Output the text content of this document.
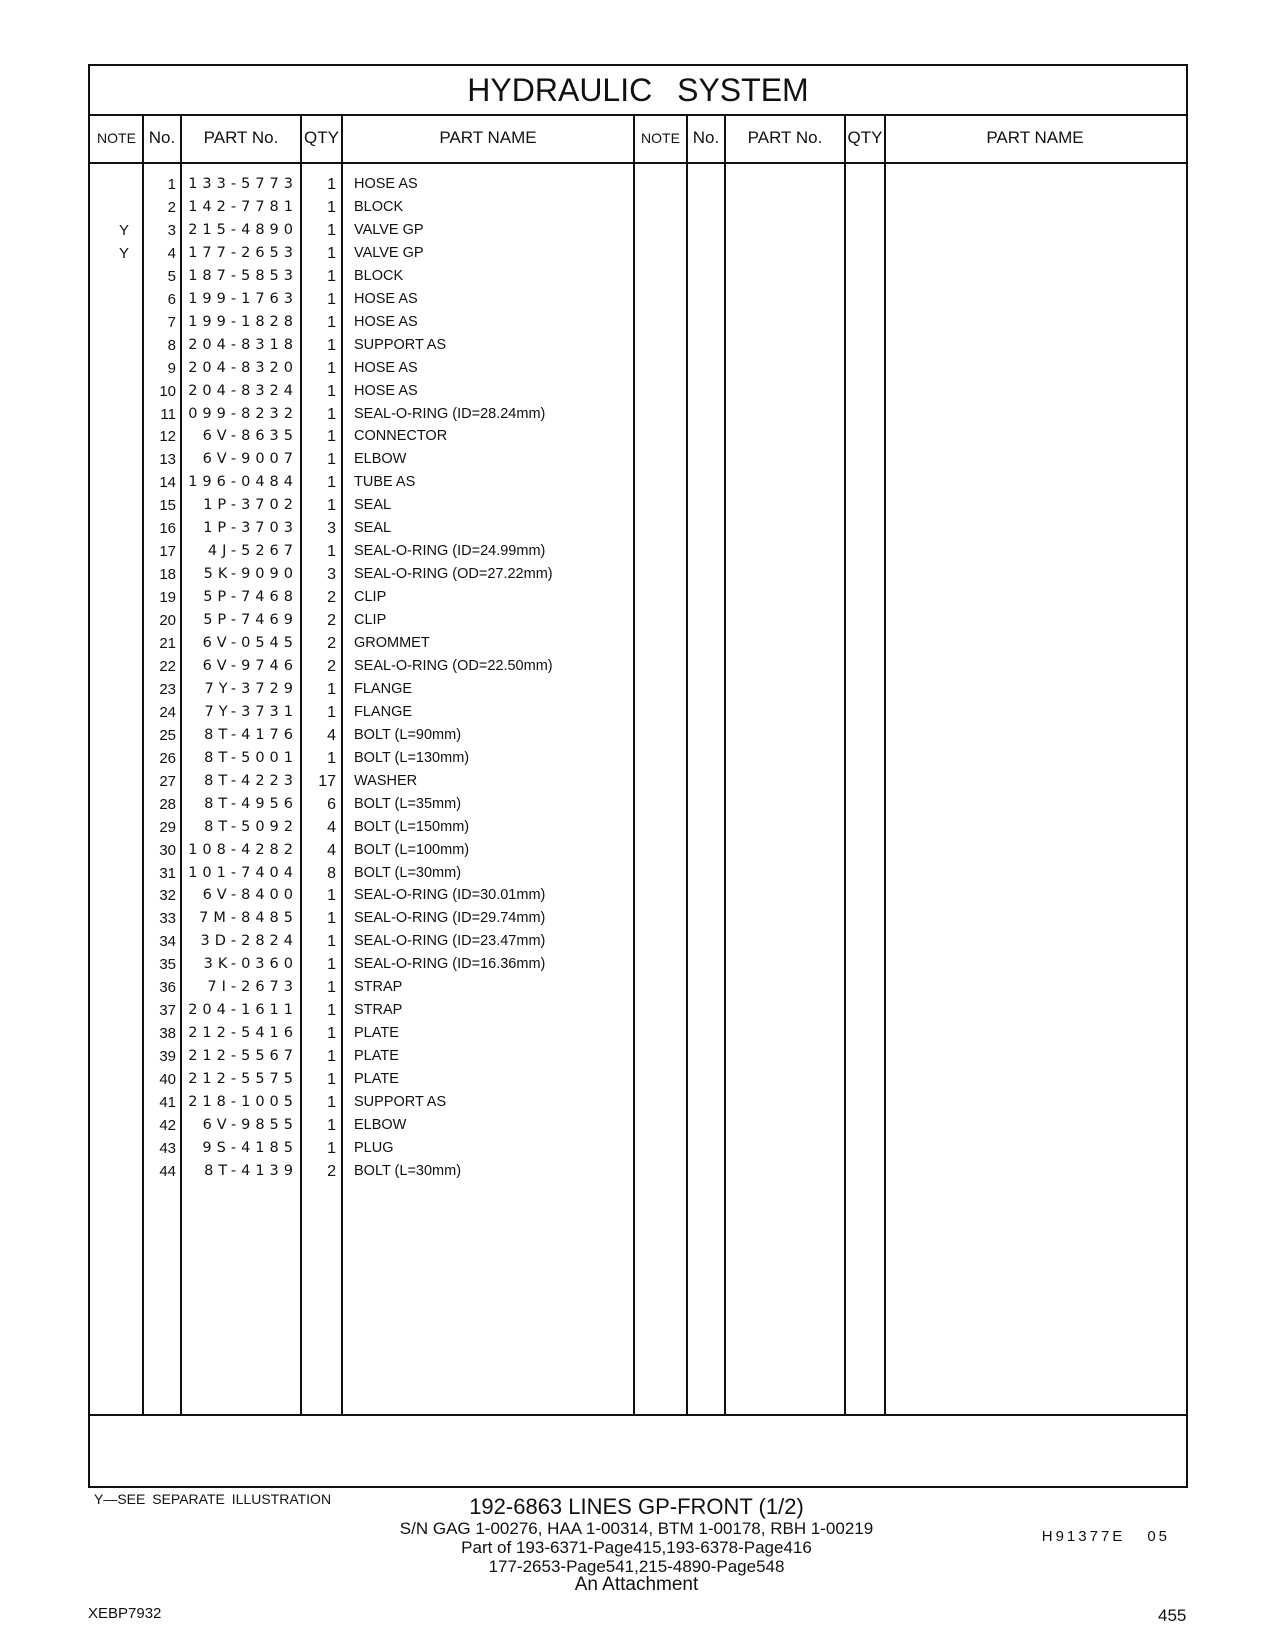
HYDRAULIC SYSTEM
NOTE No.	PART No.	QTY	PART NAME	NOTE No.	PART No.	QTY	PART NAME
1 133-5773	1 HOSE AS
2 142-7781	1 BLOCK
Y	3 215-4890	1 VALVE GP
Y	4 177-2653	1 VALVE GP
5 187-5853	1 BLOCK
6 199-1763	1 HOSE AS
7 199-1828	1 HOSE AS
8 204-8318	1 SUPPORT AS
9 204-8320	1 HOSE AS
10 204-8324	1 HOSE AS
11 099-8232	1 SEAL-O-RING (ID=28.24mm)
12	6V-8635	1 CONNECTOR
13	6V-9007	1 ELBOW
14 196-0484	1 TUBE AS
15	1P-3702	1 SEAL
16	1P-3703	3 SEAL
17	4J-5267	1 SEAL-O-RING (ID=24.99mm)
18	5K-9090	3 SEAL-O-RING (OD=27.22mm)
19	5P-7468	2 CLIP
20	5P-7469	2 CLIP
21	6V-0545	2 GROMMET
22	6V-9746	2 SEAL-O-RING (OD=22.50mm)
23	7Y-3729	1 FLANGE
24	7Y-3731	1 FLANGE
25	8T-4176	4 BOLT (L=90mm)
26	8T-5001	1 BOLT (L=130mm)
27	8T-4223	17 WASHER
28	8T-4956	6 BOLT (L=35mm)
29	8T-5092	4 BOLT (L=150mm)
30 108-4282	4 BOLT (L=100mm)
31 101-7404	8 BOLT (L=30mm)
32	6V-8400	1 SEAL-O-RING (ID=30.01mm)
33	7M-8485	1 SEAL-O-RING (ID=29.74mm)
34	3D-2824	1 SEAL-O-RING (ID=23.47mm)
35	3K-0360	1 SEAL-O-RING (ID=16.36mm)
36	7I-2673	1 STRAP
37 204-1611	1 STRAP
38 212-5416	1 PLATE
39 212-5567	1 PLATE
40 212-5575	1 PLATE
41 218-1005	1 SUPPORT AS
42	6V-9855	1 ELBOW
43	9S-4185	1 PLUG
44	8T-4139	2 BOLT (L=30mm)
Y—SEE SEPARATE ILLUSTRATION
H91377E 05
192-6863 LINES GP-FRONT (1/2)
S/N GAG 1-00276, HAA 1-00314, BTM 1-00178, RBH 1-00219
Part of 193-6371-Page415,193-6378-Page416
177-2653-Page541,215-4890-Page548
An Attachment
XEBP7932	455
